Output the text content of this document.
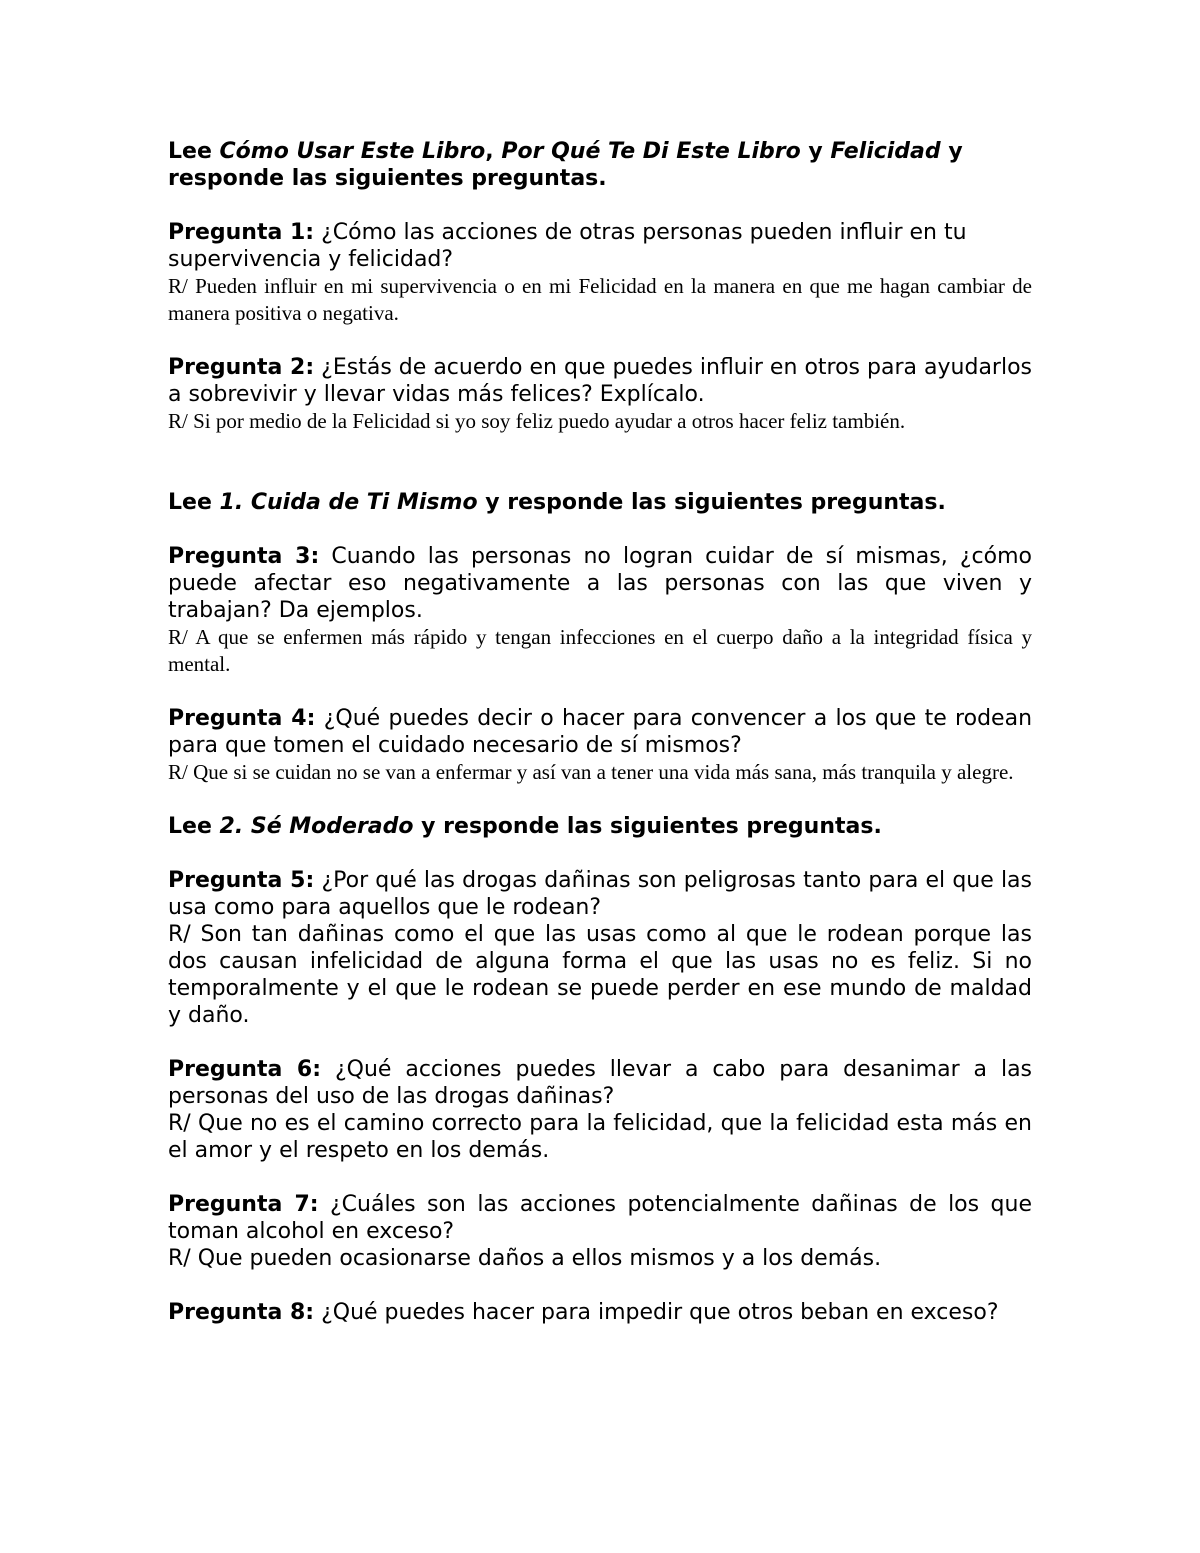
Lee Cómo Usar Este Libro, Por Qué Te Di Este Libro y Felicidad y responde las siguientes preguntas.

Pregunta 1: ¿Cómo las acciones de otras personas pueden influir en tu supervivencia y felicidad?

R/ Pueden influir en mi supervivencia o en mi Felicidad en la manera en que me hagan cambiar de manera positiva o negativa.

Pregunta 2: ¿Estás de acuerdo en que puedes influir en otros para ayudarlos a sobrevivir y llevar vidas más felices? Explícalo.

R/ Si por medio de la Felicidad si yo soy feliz puedo ayudar a otros hacer feliz también.

Lee 1. Cuida de Ti Mismo y responde las siguientes preguntas.

Pregunta 3: Cuando las personas no logran cuidar de sí mismas, ¿cómo puede afectar eso negativamente a las personas con las que viven y trabajan? Da ejemplos.

R/ A que se enfermen más rápido y tengan infecciones en el cuerpo daño a la integridad física y mental.

Pregunta 4: ¿Qué puedes decir o hacer para convencer a los que te rodean para que tomen el cuidado necesario de sí mismos?

R/ Que si se cuidan no se van a enfermar y así van a tener una vida más sana, más tranquila y alegre.

Lee 2. Sé Moderado y responde las siguientes preguntas.

Pregunta 5: ¿Por qué las drogas dañinas son peligrosas tanto para el que las usa como para aquellos que le rodean?

R/ Son tan dañinas como el que las usas como al que le rodean porque las dos causan infelicidad de alguna forma el que las usas no es feliz. Si no temporalmente y el que le rodean se puede perder en ese mundo de maldad y daño.

Pregunta 6: ¿Qué acciones puedes llevar a cabo para desanimar a las personas del uso de las drogas dañinas?

R/ Que no es el camino correcto para la felicidad, que la felicidad esta más en el amor y el respeto en los demás.

Pregunta 7: ¿Cuáles son las acciones potencialmente dañinas de los que toman alcohol en exceso?

R/ Que pueden ocasionarse daños a ellos mismos y a los demás.

Pregunta 8: ¿Qué puedes hacer para impedir que otros beban en exceso?
